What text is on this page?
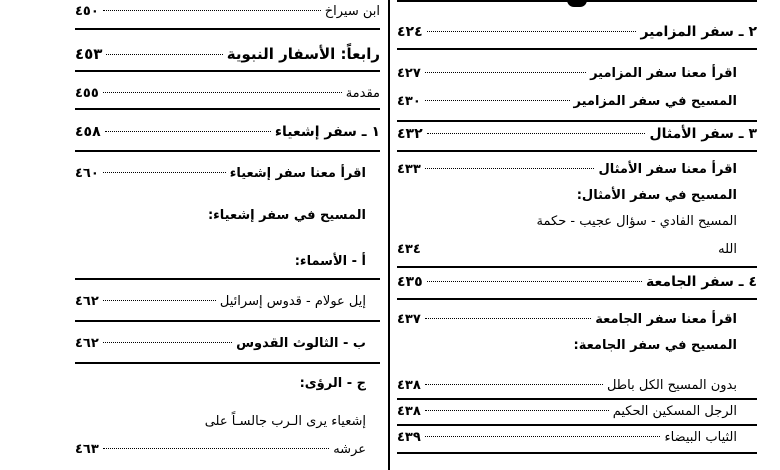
٢ ـ سفر المزامير
٤٢٤
اقرأ معنا سفر المزامير
٤٢٧
المسيح في سفر المزامير
٤٣٠
٣ ـ سفر الأمثال
٤٣٢
اقرأ معنا سفر الأمثال
٤٣٣
المسيح في سفر الأمثال:
المسيح الفادي - سؤال عجيب - حكمة
الله
٤٣٤
٤ ـ سفر الجامعة
٤٣٥
اقرأ معنا سفر الجامعة
٤٣٧
المسيح في سفر الجامعة:
بدون المسيح الكل باطل
٤٣٨
الرجل المسكين الحكيم
٤٣٨
الثياب البيضاء
٤٣٩
ابن سيراخ
٤٥٠
رابعاً: الأسفار النبوية
٤٥٣
مقدمة
٤٥٥
١ ـ سفر إشعياء
٤٥٨
اقرأ معنا سفر إشعياء
٤٦٠
المسيح في سفر إشعياء:
أ - الأسماء:
إيل عولام - قدوس إسرائيل
٤٦٢
ب - الثالوث القدوس
٤٦٢
ج - الرؤى:
إشعياء يرى الـرب جالسـاً على
عرشه
٤٦٣
